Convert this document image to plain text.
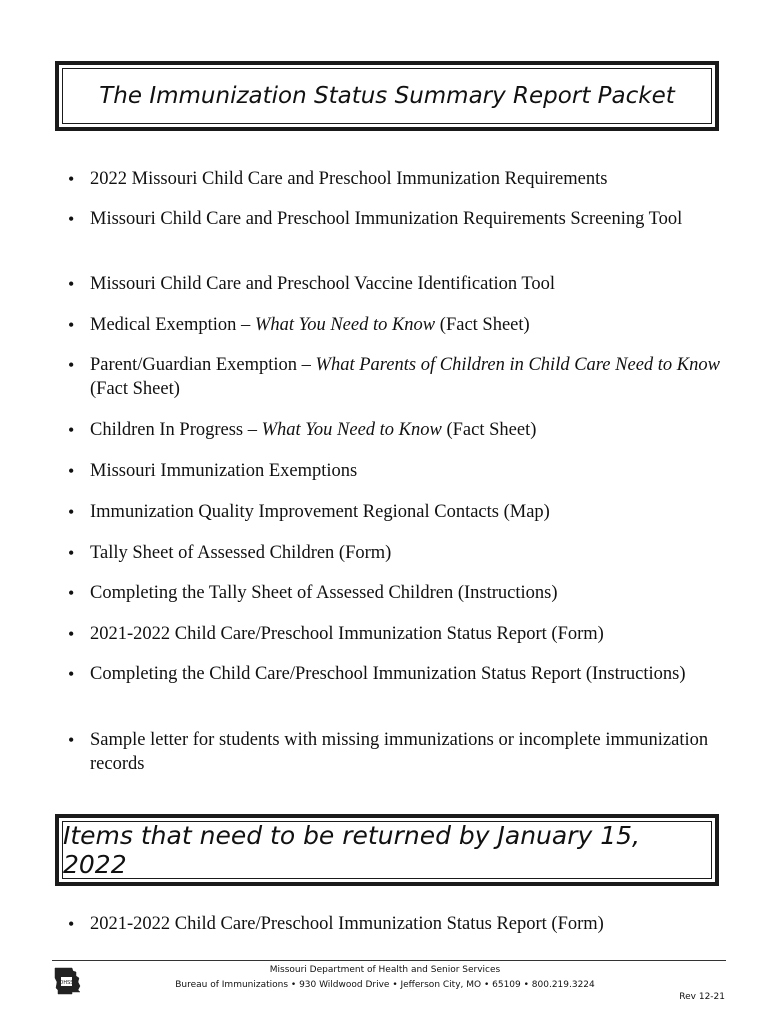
The Immunization Status Summary Report Packet
• 2022 Missouri Child Care and Preschool Immunization Requirements
• Missouri Child Care and Preschool Immunization Requirements Screening Tool
• Missouri Child Care and Preschool Vaccine Identification Tool
• Medical Exemption – What You Need to Know (Fact Sheet)
• Parent/Guardian Exemption – What Parents of Children in Child Care Need to Know (Fact Sheet)
• Children In Progress – What You Need to Know (Fact Sheet)
• Missouri Immunization Exemptions
• Immunization Quality Improvement Regional Contacts (Map)
• Tally Sheet of Assessed Children (Form)
• Completing the Tally Sheet of Assessed Children (Instructions)
• 2021-2022 Child Care/Preschool Immunization Status Report (Form)
• Completing the Child Care/Preschool Immunization Status Report (Instructions)
• Sample letter for students with missing immunizations or incomplete immunization records
Items that need to be returned by January 15, 2022
• 2021-2022 Child Care/Preschool Immunization Status Report (Form)
DHSS
Missouri Department of Health and Senior Services
Bureau of Immunizations • 930 Wildwood Drive • Jefferson City, MO • 65109 • 800.219.3224
Rev 12-21
